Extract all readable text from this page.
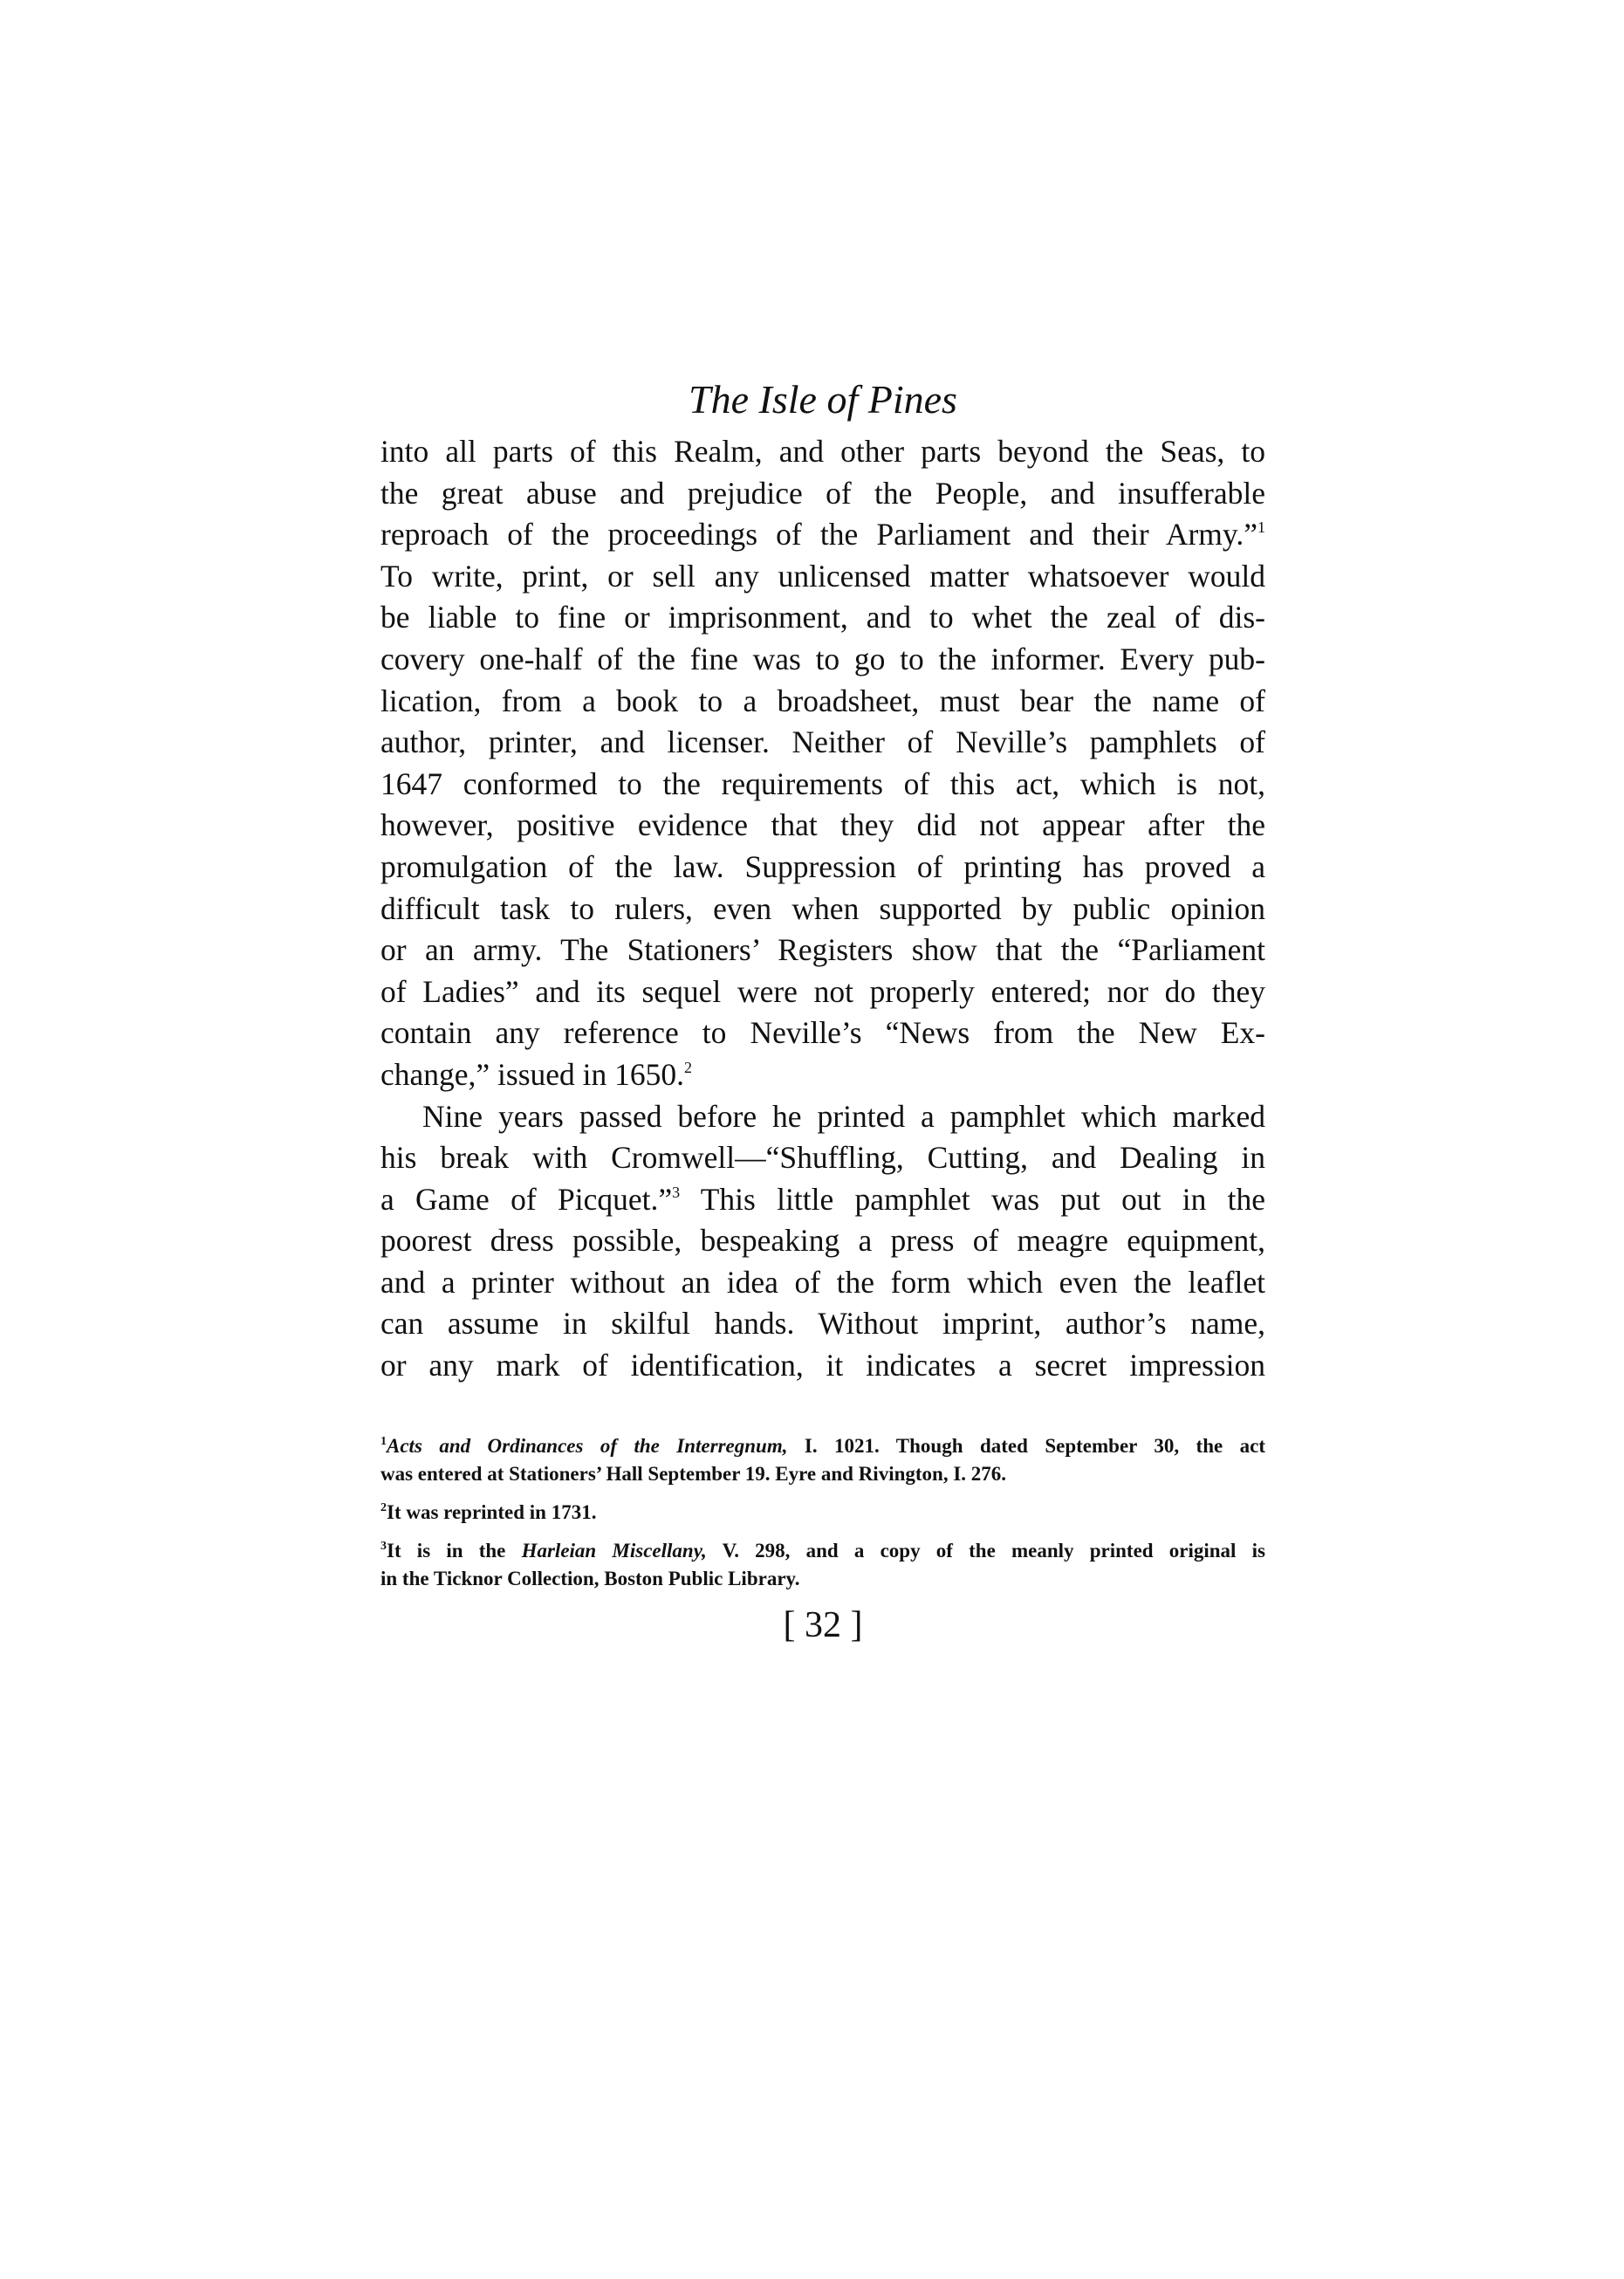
The Isle of Pines
into all parts of this Realm, and other parts beyond the Seas, to
the great abuse and prejudice of the People, and insufferable
reproach of the proceedings of the Parliament and their Army.”$^1$
To write, print, or sell any unlicensed matter whatsoever would
be liable to fine or imprisonment, and to whet the zeal of dis-
covery one-half of the fine was to go to the informer. Every pub-
lication, from a book to a broadsheet, must bear the name of
author, printer, and licenser. Neither of Neville’s pamphlets of
1647 conformed to the requirements of this act, which is not,
however, positive evidence that they did not appear after the
promulgation of the law. Suppression of printing has proved a
difficult task to rulers, even when supported by public opinion
or an army. The Stationers’ Registers show that the “Parliament
of Ladies” and its sequel were not properly entered; nor do they
contain any reference to Neville’s “News from the New Ex-
change,” issued in 1650.$^2$
Nine years passed before he printed a pamphlet which marked
his break with Cromwell—“Shuffling, Cutting, and Dealing in
a Game of Picquet.”$^3$ This little pamphlet was put out in the
poorest dress possible, bespeaking a press of meagre equipment,
and a printer without an idea of the form which even the leaflet
can assume in skilful hands. Without imprint, author’s name,
or any mark of identification, it indicates a secret impression
$^1$Acts and Ordinances of the Interregnum, I. 1021. Though dated September 30, the act
was entered at Stationers’ Hall September 19. Eyre and Rivington, I. 276.
$^2$It was reprinted in 1731.
$^3$It is in the Harleian Miscellany, V. 298, and a copy of the meanly printed original is
in the Ticknor Collection, Boston Public Library.
[ 32 ]
